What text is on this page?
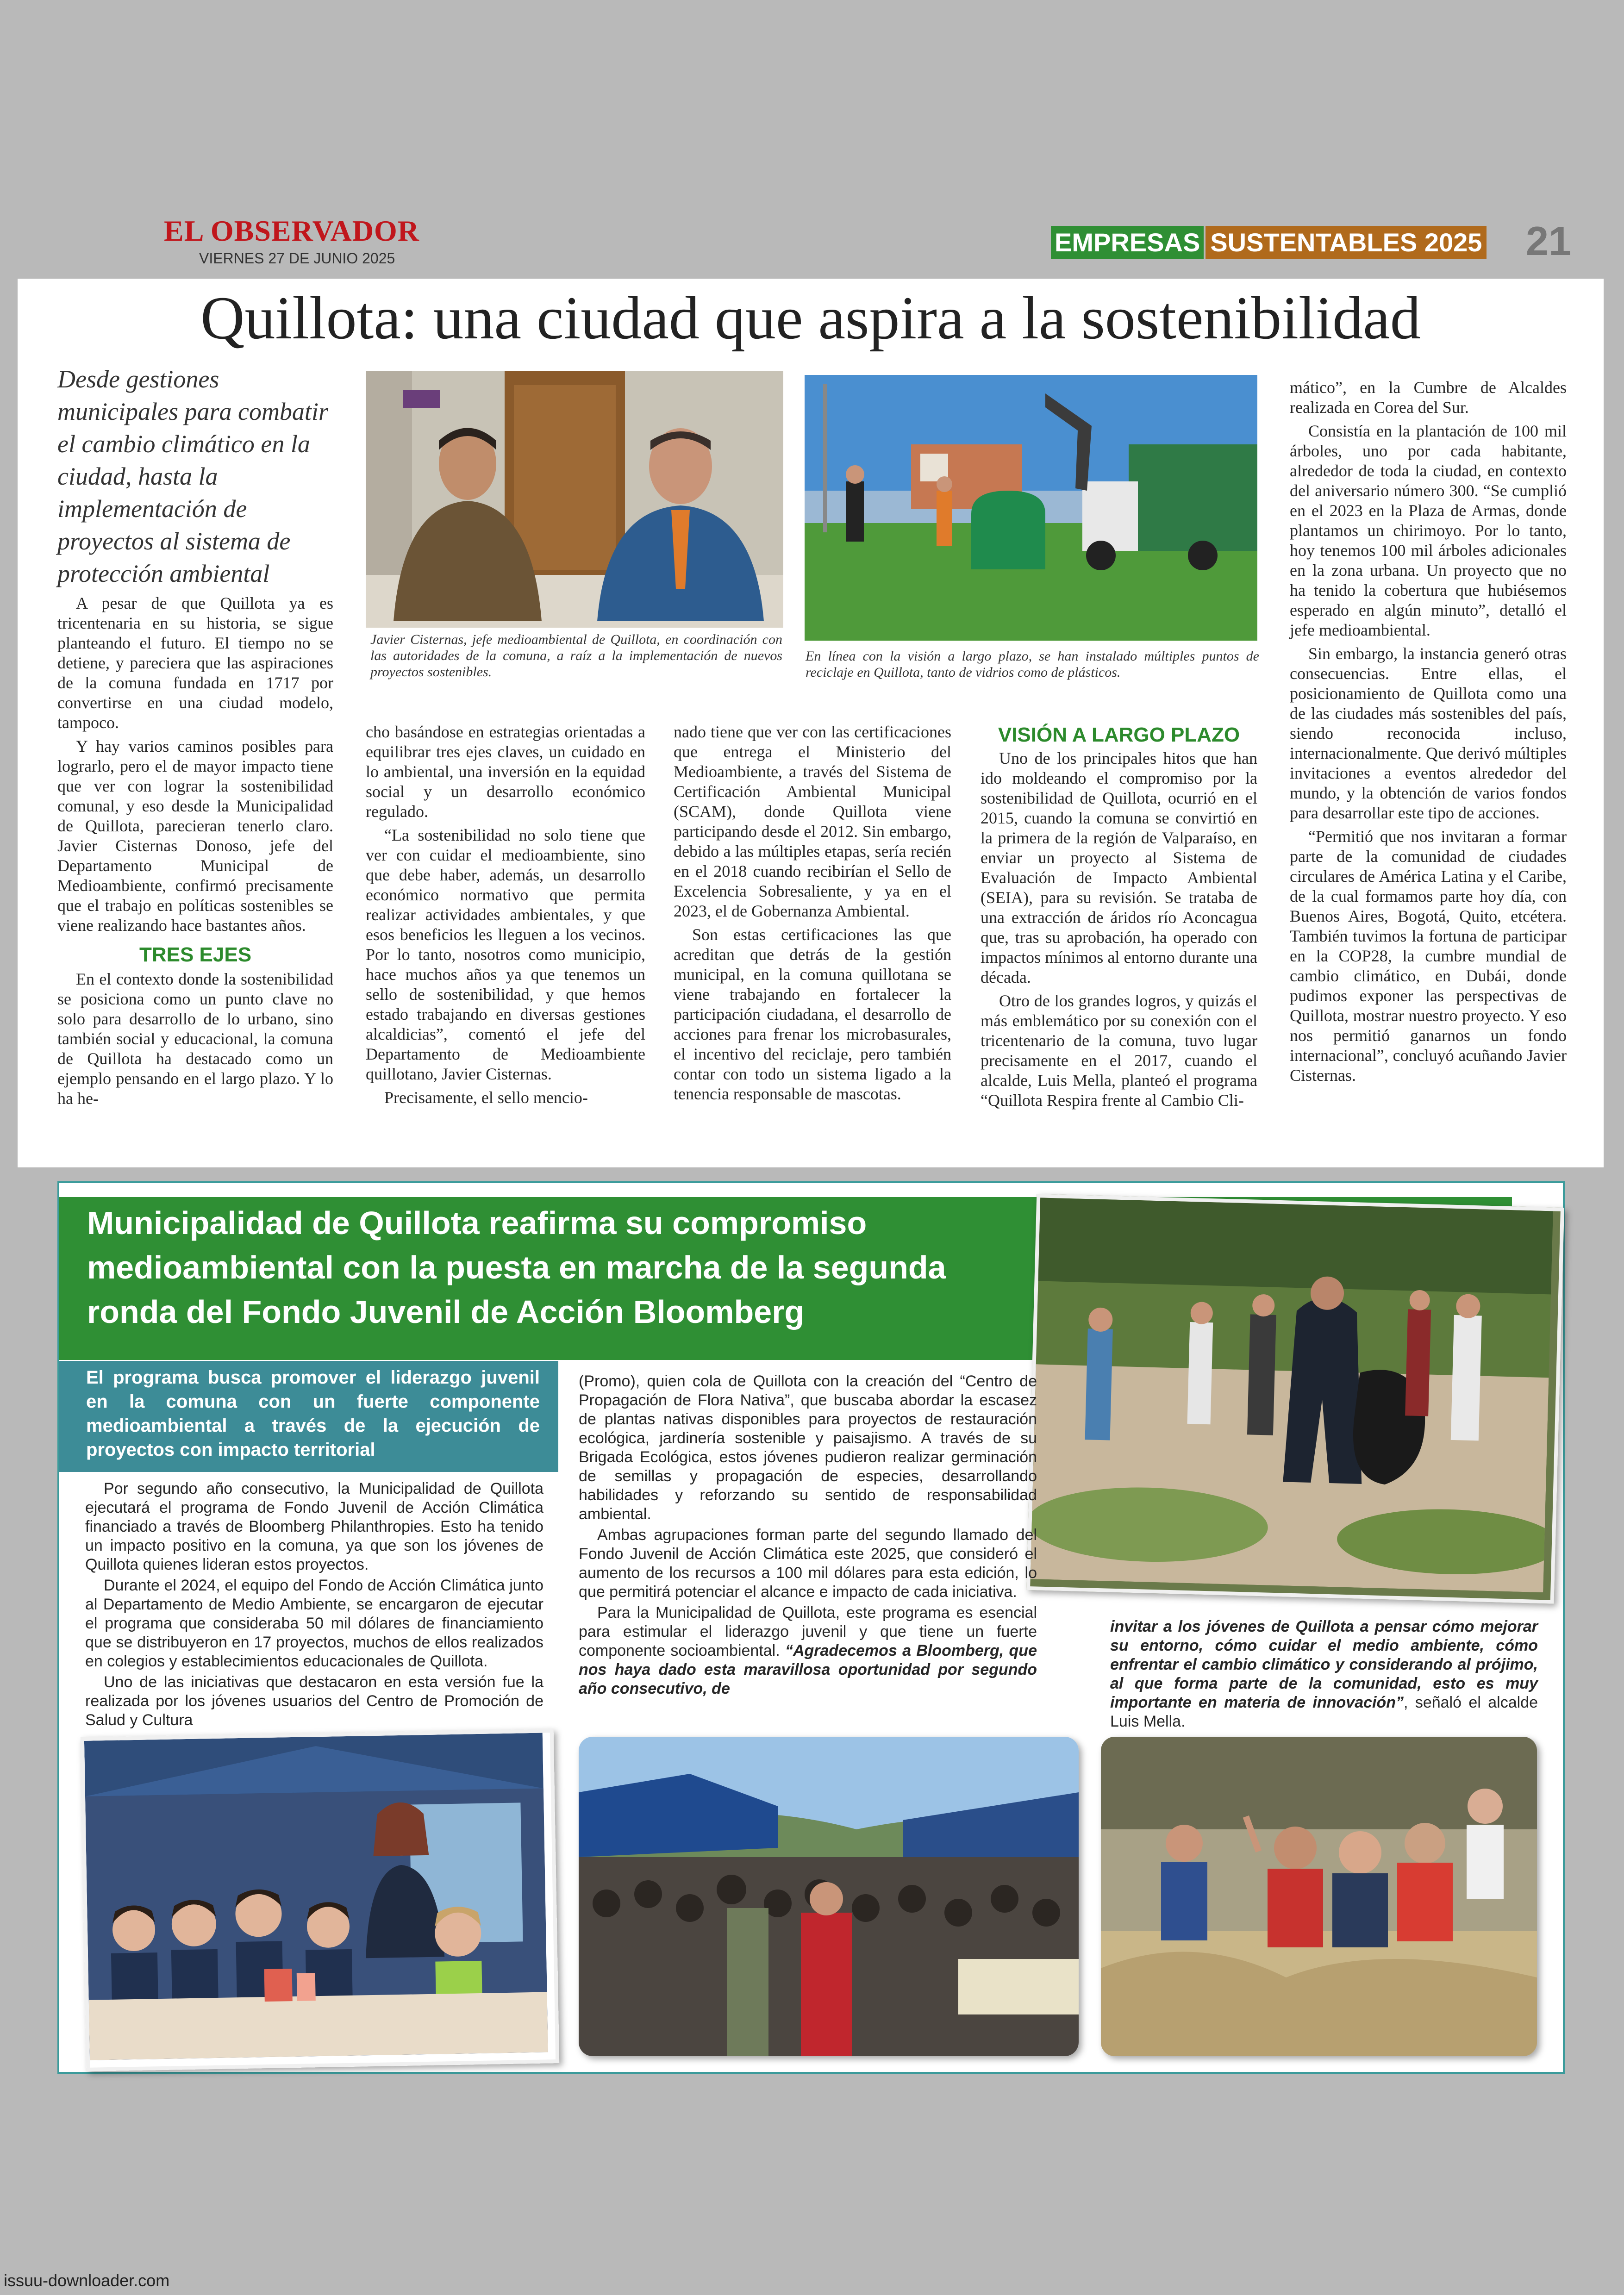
EL OBSERVADOR
VIERNES 27 DE JUNIO 2025
EMPRESAS SUSTENTABLES 2025 21
Quillota: una ciudad que aspira a la sostenibilidad
Desde gestiones municipales para combatir el cambio climático en la ciudad, hasta la implementación de proyectos al sistema de protección ambiental

A pesar de que Quillota ya es tricentenaria en su historia, se sigue planteando el futuro. El tiempo no se detiene, y pareciera que las aspiraciones de la comuna fundada en 1717 por convertirse en una ciudad modelo, tampoco.

Y hay varios caminos posibles para lograrlo, pero el de mayor impacto tiene que ver con lograr la sostenibilidad comunal, y eso desde la Municipalidad de Quillota, parecieran tenerlo claro. Javier Cisternas Donoso, jefe del Departamento Municipal de Medioambiente, confirmó precisamente que el trabajo en políticas sostenibles se viene realizando hace bastantes años.

TRES EJES

En el contexto donde la sostenibilidad se posiciona como un punto clave no solo para desarrollo de lo urbano, sino también social y educacional, la comuna de Quillota ha destacado como un ejemplo pensando en el largo plazo. Y lo ha he-

Javier Cisternas, jefe medioambiental de Quillota, en coordinación con las autoridades de la comuna, a raíz a la implementación de nuevos proyectos sostenibles.
En línea con la visión a largo plazo, se han instalado múltiples puntos de reciclaje en Quillota, tanto de vidrios como de plásticos.

cho basándose en estrategias orientadas a equilibrar tres ejes claves, un cuidado en lo ambiental, una inversión en la equidad social y un desarrollo económico regulado.

“La sostenibilidad no solo tiene que ver con cuidar el medioambiente, sino que debe haber, además, un desarrollo económico normativo que permita realizar actividades ambientales, y que esos beneficios les lleguen a los vecinos. Por lo tanto, nosotros como municipio, hace muchos años ya que tenemos un sello de sostenibilidad, y que hemos estado trabajando en diversas gestiones alcaldicias”, comentó el jefe del Departamento de Medioambiente quillotano, Javier Cisternas.

Precisamente, el sello mencio-

nado tiene que ver con las certificaciones que entrega el Ministerio del Medioambiente, a través del Sistema de Certificación Ambiental Municipal (SCAM), donde Quillota viene participando desde el 2012. Sin embargo, debido a las múltiples etapas, sería recién en el 2018 cuando recibirían el Sello de Excelencia Sobresaliente, y ya en el 2023, el de Gobernanza Ambiental.

Son estas certificaciones las que acreditan que detrás de la gestión municipal, en la comuna quillotana se viene trabajando en fortalecer la participación ciudadana, el desarrollo de acciones para frenar los microbasurales, el incentivo del reciclaje, pero también contar con todo un sistema ligado a la tenencia responsable de mascotas.

VISIÓN A LARGO PLAZO

Uno de los principales hitos que han ido moldeando el compromiso por la sostenibilidad de Quillota, ocurrió en el 2015, cuando la comuna se convirtió en la primera de la región de Valparaíso, en enviar un proyecto al Sistema de Evaluación de Impacto Ambiental (SEIA), para su revisión. Se trataba de una extracción de áridos río Aconcagua que, tras su aprobación, ha operado con impactos mínimos al entorno durante una década.

Otro de los grandes logros, y quizás el más emblemático por su conexión con el tricentenario de la comuna, tuvo lugar precisamente en el 2017, cuando el alcalde, Luis Mella, planteó el programa “Quillota Respira frente al Cambio Cli-

mático”, en la Cumbre de Alcaldes realizada en Corea del Sur.

Consistía en la plantación de 100 mil árboles, uno por cada habitante, alrededor de toda la ciudad, en contexto del aniversario número 300. “Se cumplió en el 2023 en la Plaza de Armas, donde plantamos un chirimoyo. Por lo tanto, hoy tenemos 100 mil árboles adicionales en la zona urbana. Un proyecto que no ha tenido la cobertura que hubiésemos esperado en algún minuto”, detalló el jefe medioambiental.

Sin embargo, la instancia generó otras consecuencias. Entre ellas, el posicionamiento de Quillota como una de las ciudades más sostenibles del país, siendo reconocida incluso, internacionalmente. Que derivó múltiples invitaciones a eventos alrededor del mundo, y la obtención de varios fondos para desarrollar este tipo de acciones.

“Permitió que nos invitaran a formar parte de la comunidad de ciudades circulares de América Latina y el Caribe, de la cual formamos parte hoy día, con Buenos Aires, Bogotá, Quito, etcétera. También tuvimos la fortuna de participar en la COP28, la cumbre mundial de cambio climático, en Dubái, donde pudimos exponer las perspectivas de Quillota, mostrar nuestro proyecto. Y eso nos permitió ganarnos un fondo internacional”, concluyó acuñando Javier Cisternas.

Municipalidad de Quillota reafirma su compromiso medioambiental con la puesta en marcha de la segunda ronda del Fondo Juvenil de Acción Bloomberg
El programa busca promover el liderazgo juvenil en la comuna con un fuerte componente medioambiental a través de la ejecución de proyectos con impacto territorial

Por segundo año consecutivo, la Municipalidad de Quillota ejecutará el programa de Fondo Juvenil de Acción Climática financiado a través de Bloomberg Philanthropies. Esto ha tenido un impacto positivo en la comuna, ya que son los jóvenes de Quillota quienes lideran estos proyectos.

Durante el 2024, el equipo del Fondo de Acción Climática junto al Departamento de Medio Ambiente, se encargaron de ejecutar el programa que consideraba 50 mil dólares de financiamiento que se distribuyeron en 17 proyectos, muchos de ellos realizados en colegios y establecimientos educacionales de Quillota.

Uno de las iniciativas que destacaron en esta versión fue la realizada por los jóvenes usuarios del Centro de Promoción de Salud y Cultura

(Promo), quien cola de Quillota con la creación del “Centro de Propagación de Flora Nativa”, que buscaba abordar la escasez de plantas nativas disponibles para proyectos de restauración ecológica, jardinería sostenible y paisajismo. A través de su Brigada Ecológica, estos jóvenes pudieron realizar germinación de semillas y propagación de especies, desarrollando habilidades y reforzando su sentido de responsabilidad ambiental.

Ambas agrupaciones forman parte del segundo llamado del Fondo Juvenil de Acción Climática este 2025, que consideró el aumento de los recursos a 100 mil dólares para esta edición, lo que permitirá potenciar el alcance e impacto de cada iniciativa.

Para la Municipalidad de Quillota, este programa es esencial para estimular el liderazgo juvenil y que tiene un fuerte componente socioambiental. “Agradecemos a Bloomberg, que nos haya dado esta maravillosa oportunidad por segundo año consecutivo, de

invitar a los jóvenes de Quillota a pensar cómo mejorar su entorno, cómo cuidar el medio ambiente, cómo enfrentar el cambio climático y considerando al prójimo, al que forma parte de la comunidad, esto es muy importante en materia de innovación”, señaló el alcalde Luis Mella.
issuu-downloader.com
